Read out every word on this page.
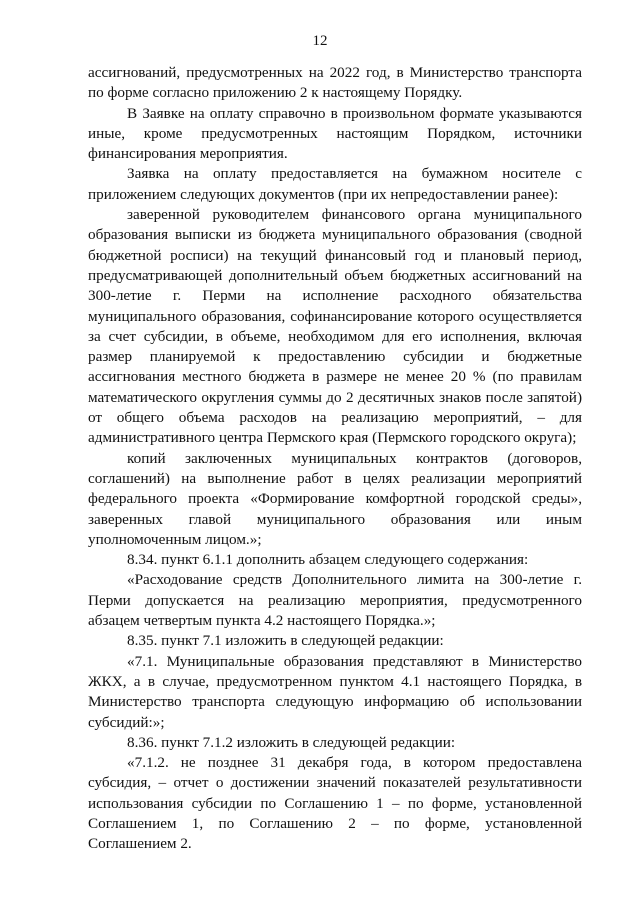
12

ассигнований, предусмотренных на 2022 год, в Министерство транспорта по форме согласно приложению 2 к настоящему Порядку.

В Заявке на оплату справочно в произвольном формате указываются иные, кроме предусмотренных настоящим Порядком, источники финансирования мероприятия.

Заявка на оплату предоставляется на бумажном носителе с приложением следующих документов (при их непредоставлении ранее):

заверенной руководителем финансового органа муниципального образования выписки из бюджета муниципального образования (сводной бюджетной росписи) на текущий финансовый год и плановый период, предусматривающей дополнительный объем бюджетных ассигнований на 300-летие г. Перми на исполнение расходного обязательства муниципального образования, софинансирование которого осуществляется за счет субсидии, в объеме, необходимом для его исполнения, включая размер планируемой к предоставлению субсидии и бюджетные ассигнования местного бюджета в размере не менее 20 % (по правилам математического округления суммы до 2 десятичных знаков после запятой) от общего объема расходов на реализацию мероприятий, – для административного центра Пермского края (Пермского городского округа);

копий заключенных муниципальных контрактов (договоров, соглашений) на выполнение работ в целях реализации мероприятий федерального проекта «Формирование комфортной городской среды», заверенных главой муниципального образования или иным уполномоченным лицом.»;

8.34. пункт 6.1.1 дополнить абзацем следующего содержания:

«Расходование средств Дополнительного лимита на 300-летие г. Перми допускается на реализацию мероприятия, предусмотренного абзацем четвертым пункта 4.2 настоящего Порядка.»;

8.35. пункт 7.1 изложить в следующей редакции:

«7.1. Муниципальные образования представляют в Министерство ЖКХ, а в случае, предусмотренном пунктом 4.1 настоящего Порядка, в Министерство транспорта следующую информацию об использовании субсидий:»;

8.36. пункт 7.1.2 изложить в следующей редакции:

«7.1.2. не позднее 31 декабря года, в котором предоставлена субсидия, – отчет о достижении значений показателей результативности использования субсидии по Соглашению 1 – по форме, установленной Соглашением 1, по Соглашению 2 – по форме, установленной Соглашением 2.
